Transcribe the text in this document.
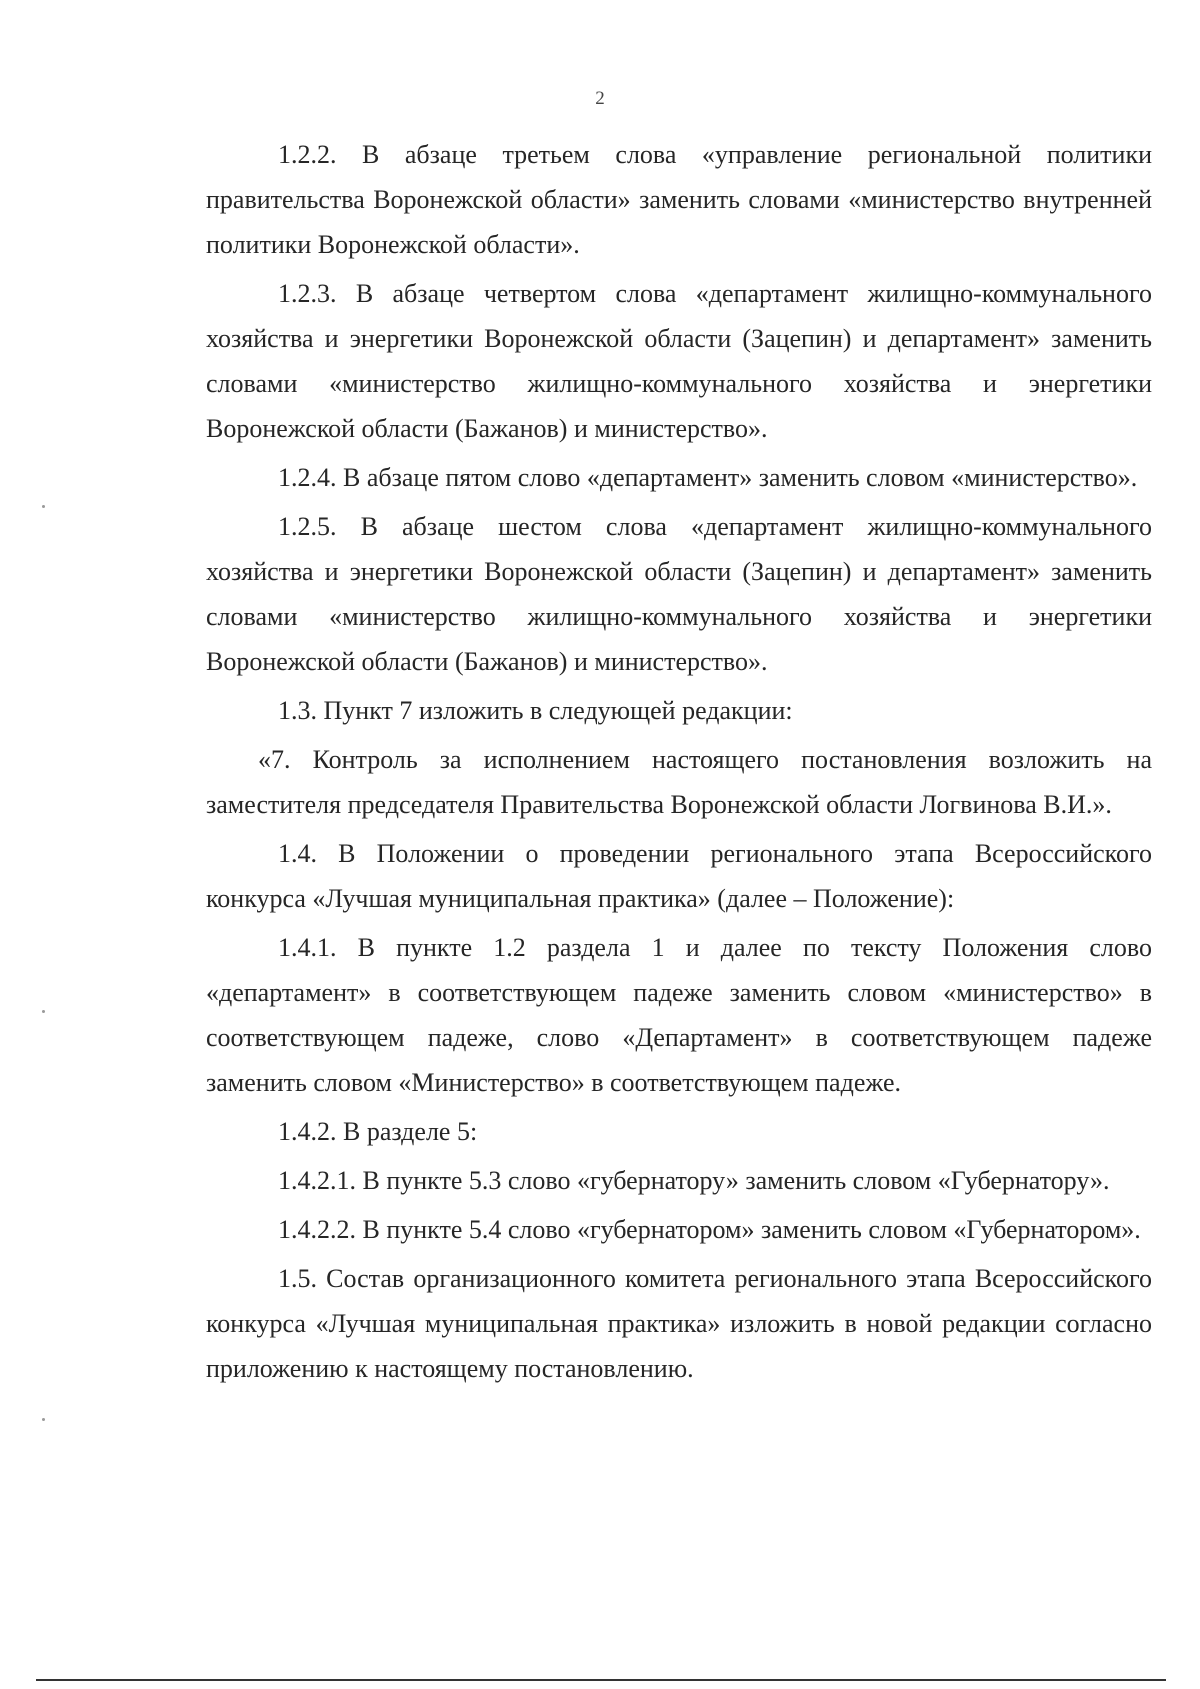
2

1.2.2. В абзаце третьем слова «управление региональной политики правительства Воронежской области» заменить словами «министерство внутренней политики Воронежской области».

1.2.3. В абзаце четвертом слова «департамент жилищно-коммунального хозяйства и энергетики Воронежской области (Зацепин) и департамент» заменить словами «министерство жилищно-коммунального хозяйства и энергетики Воронежской области (Бажанов) и министерство».

1.2.4. В абзаце пятом слово «департамент» заменить словом «министерство».

1.2.5. В абзаце шестом слова «департамент жилищно-коммунального хозяйства и энергетики Воронежской области (Зацепин) и департамент» заменить словами «министерство жилищно-коммунального хозяйства и энергетики Воронежской области (Бажанов) и министерство».

1.3. Пункт 7 изложить в следующей редакции:

«7. Контроль за исполнением настоящего постановления возложить на заместителя председателя Правительства Воронежской области Логвинова В.И.».

1.4. В Положении о проведении регионального этапа Всероссийского конкурса «Лучшая муниципальная практика» (далее – Положение):

1.4.1. В пункте 1.2 раздела 1 и далее по тексту Положения слово «департамент» в соответствующем падеже заменить словом «министерство» в соответствующем падеже, слово «Департамент» в соответствующем падеже заменить словом «Министерство» в соответствующем падеже.

1.4.2. В разделе 5:

1.4.2.1. В пункте 5.3 слово «губернатору» заменить словом «Губернатору».

1.4.2.2. В пункте 5.4 слово «губернатором» заменить словом «Губернатором».

1.5. Состав организационного комитета регионального этапа Всероссийского конкурса «Лучшая муниципальная практика» изложить в новой редакции согласно приложению к настоящему постановлению.
